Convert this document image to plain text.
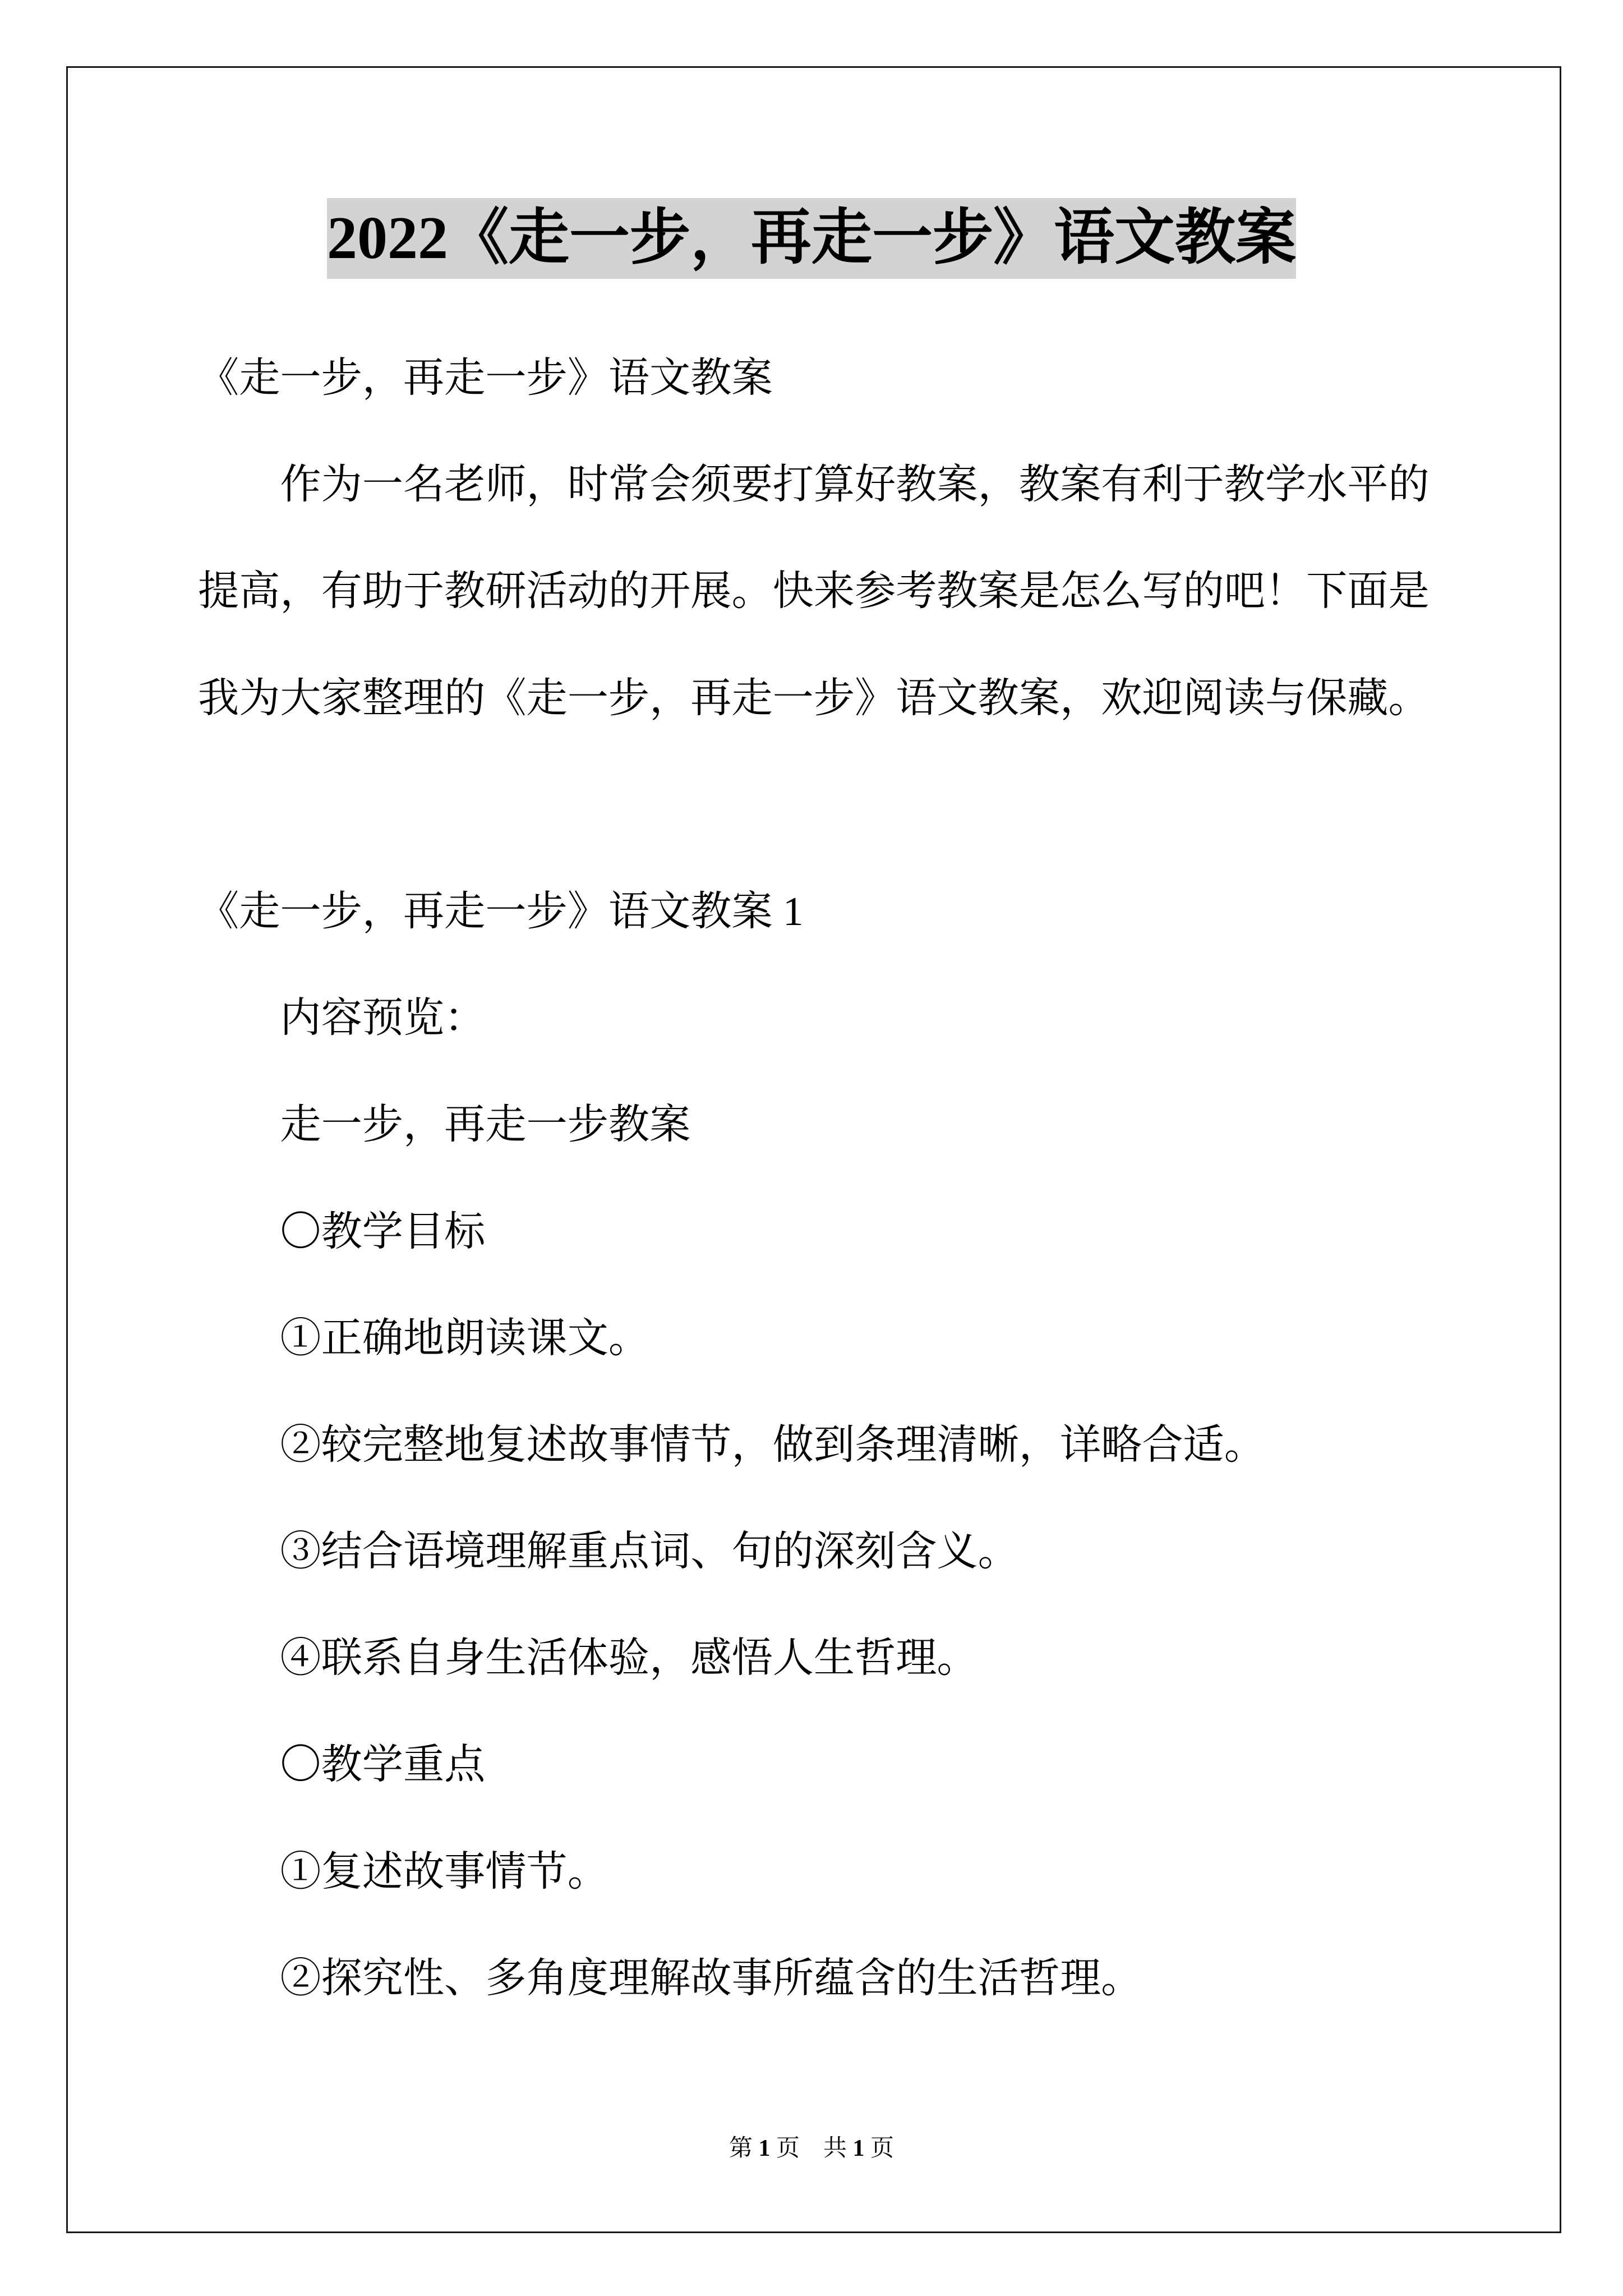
2022《走一步，再走一步》语文教案
《走一步，再走一步》语文教案
作为一名老师，时常会须要打算好教案，教案有利于教学水平的
提高，有助于教研活动的开展。快来参考教案是怎么写的吧！下面是
我为大家整理的《走一步，再走一步》语文教案，欢迎阅读与保藏。
《走一步，再走一步》语文教案 1
内容预览：
走一步，再走一步教案
〇教学目标
①正确地朗读课文。
②较完整地复述故事情节，做到条理清晰，详略合适。
③结合语境理解重点词、句的深刻含义。
④联系自身生活体验，感悟人生哲理。
〇教学重点
①复述故事情节。
②探究性、多角度理解故事所蕴含的生活哲理。
第 1 页 共 1 页
